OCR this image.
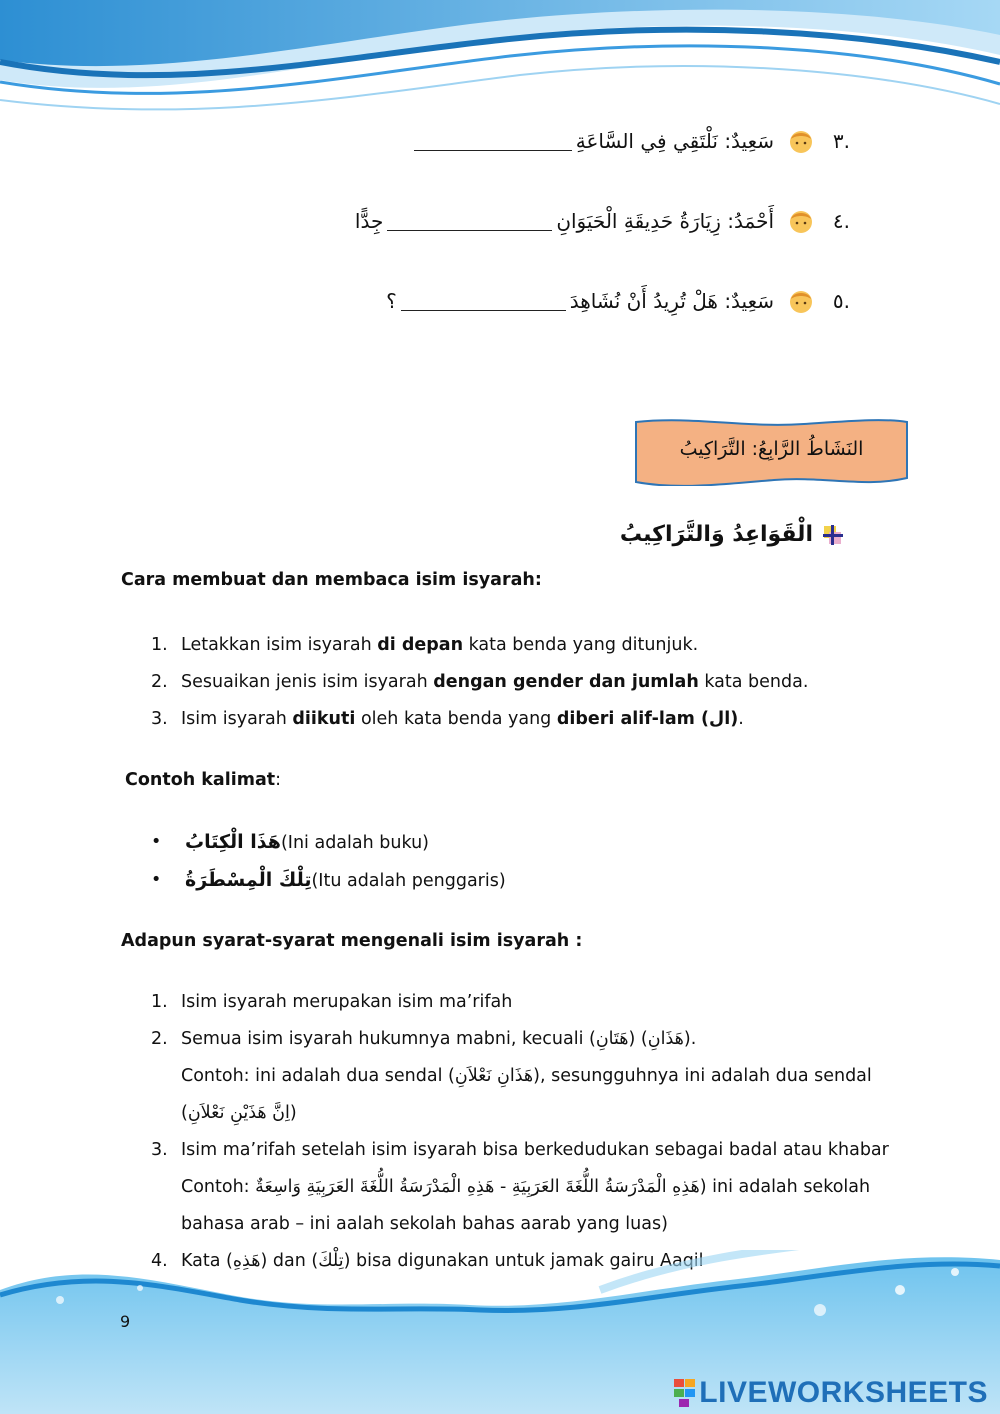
.٣
سَعِيدٌ:

نَلْتَقِي فِي السَّاعَةِ
.٤
أَحْمَدُ:

زِيَارَةُ حَدِيقَةِ الْحَيَوَانِ
جِدًّا
.٥
سَعِيدٌ:

هَلْ تُرِيدُ أَنْ نُشَاهِدَ
؟
النَشَاطُ الرَّابِعُ: التَّرَاكِيبُ
الْقَوَاعِدُ وَالتَّرَاكِيبُ
Cara membuat dan membaca isim isyarah:
1. Letakkan isim isyarah di depan kata benda yang ditunjuk.
2. Sesuaikan jenis isim isyarah dengan gender dan jumlah kata benda.
3. Isim isyarah diikuti oleh kata benda yang diberi alif-lam (ال).
Contoh kalimat:
• هَذَا الْكِتَابُ(Ini adalah buku)
• تِلْكَ الْمِسْطَرَةُ(Itu adalah penggaris)
Adapun syarat-syarat mengenali isim isyarah :
1. Isim isyarah merupakan isim ma’rifah
2. Semua isim isyarah hukumnya mabni, kecuali (هَتَانِ) (هَذَانِ).
Contoh: ini adalah dua sendal (هَذَانِ نَعْلاَنِ), sesungguhnya ini adalah dua sendal
(اِنَّ هَذَيْنِ نَعْلاَنِ)
3. Isim ma’rifah setelah isim isyarah bisa berkedudukan sebagai badal atau khabar
Contoh: هَذِهِ الْمَدْرَسَةُ اللُّغَةَ العَرَبِيَةِ - هَذِهِ الْمَدْرَسَةُ اللُّغَةَ العَرَبِيَةِ وَاسِعَةٌ) ini adalah sekolah
bahasa arab – ini aalah sekolah bahas aarab yang luas)
4. Kata (هَذِهِ) dan (تِلْكَ) bisa digunakan untuk jamak gairu Aaqil
9
LIVEWORKSHEETS
